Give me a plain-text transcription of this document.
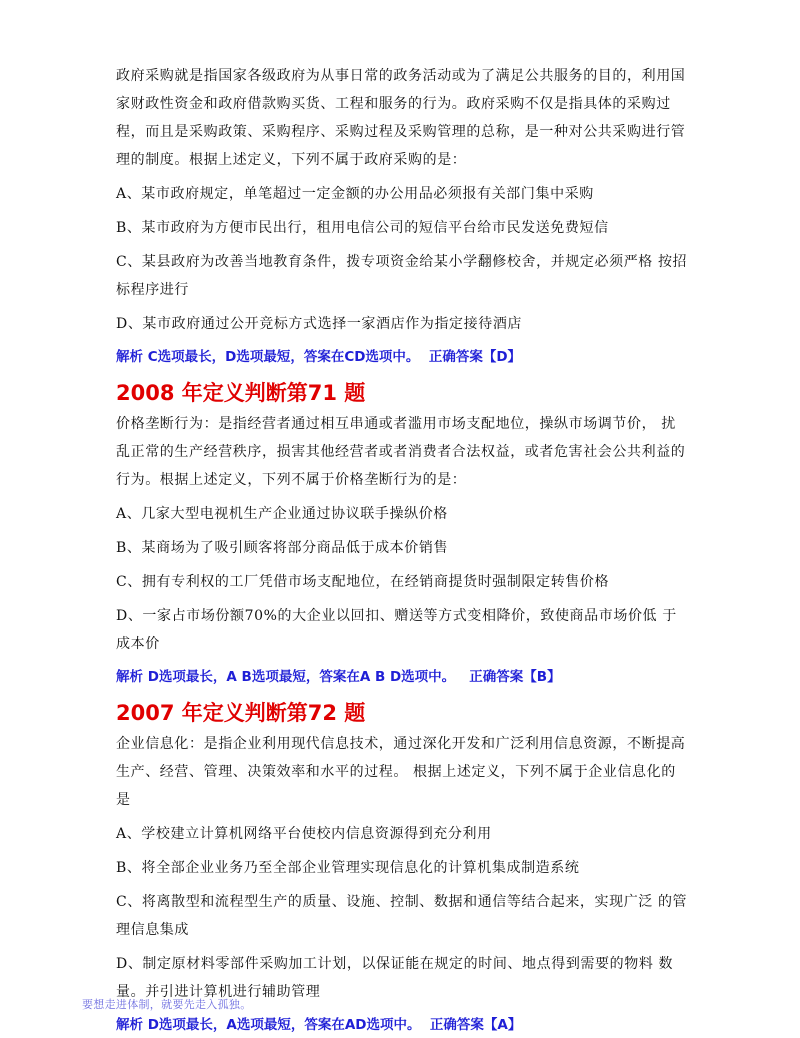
政府采购就是指国家各级政府为从事日常的政务活动或为了满足公共服务的目的，利用国家财政性资金和政府借款购买货、工程和服务的行为。政府采购不仅是指具体的采购过程，而且是采购政策、采购程序、采购过程及采购管理的总称，是一种对公共采购进行管理的制度。根据上述定义，下列不属于政府采购的是：

A、某市政府规定，单笔超过一定金额的办公用品必须报有关部门集中采购

B、某市政府为方便市民出行，租用电信公司的短信平台给市民发送免费短信

C、某县政府为改善当地教育条件，拨专项资金给某小学翻修校舍，并规定必须严格 按招标程序进行

D、某市政府通过公开竞标方式选择一家酒店作为指定接待酒店

解析 C选项最长，D选项最短，答案在CD选项中。  正确答案【D】

2008 年定义判断第71 题

价格垄断行为：是指经营者通过相互串通或者滥用市场支配地位，操纵市场调节价， 扰乱正常的生产经营秩序，损害其他经营者或者消费者合法权益，或者危害社会公共利益的行为。根据上述定义，下列不属于价格垄断行为的是：

A、几家大型电视机生产企业通过协议联手操纵价格

B、某商场为了吸引顾客将部分商品低于成本价销售

C、拥有专利权的工厂凭借市场支配地位，在经销商提货时强制限定转售价格

D、一家占市场份额70%的大企业以回扣、赠送等方式变相降价，致使商品市场价低 于成本价

解析 D选项最长，A B选项最短，答案在A B D选项中。   正确答案【B】

2007 年定义判断第72 题

企业信息化：是指企业利用现代信息技术，通过深化开发和广泛利用信息资源，不断提高生产、经营、管理、决策效率和水平的过程。 根据上述定义，下列不属于企业信息化的是

A、学校建立计算机网络平台使校内信息资源得到充分利用

B、将全部企业业务乃至全部企业管理实现信息化的计算机集成制造系统

C、将离散型和流程型生产的质量、设施、控制、数据和通信等结合起来，实现广泛 的管理信息集成

D、制定原材料零部件采购加工计划，以保证能在规定的时间、地点得到需要的物料 数量。并引进计算机进行辅助管理

解析 D选项最长，A选项最短，答案在AD选项中。  正确答案【A】

要想走进体制，就要先走入孤独。
